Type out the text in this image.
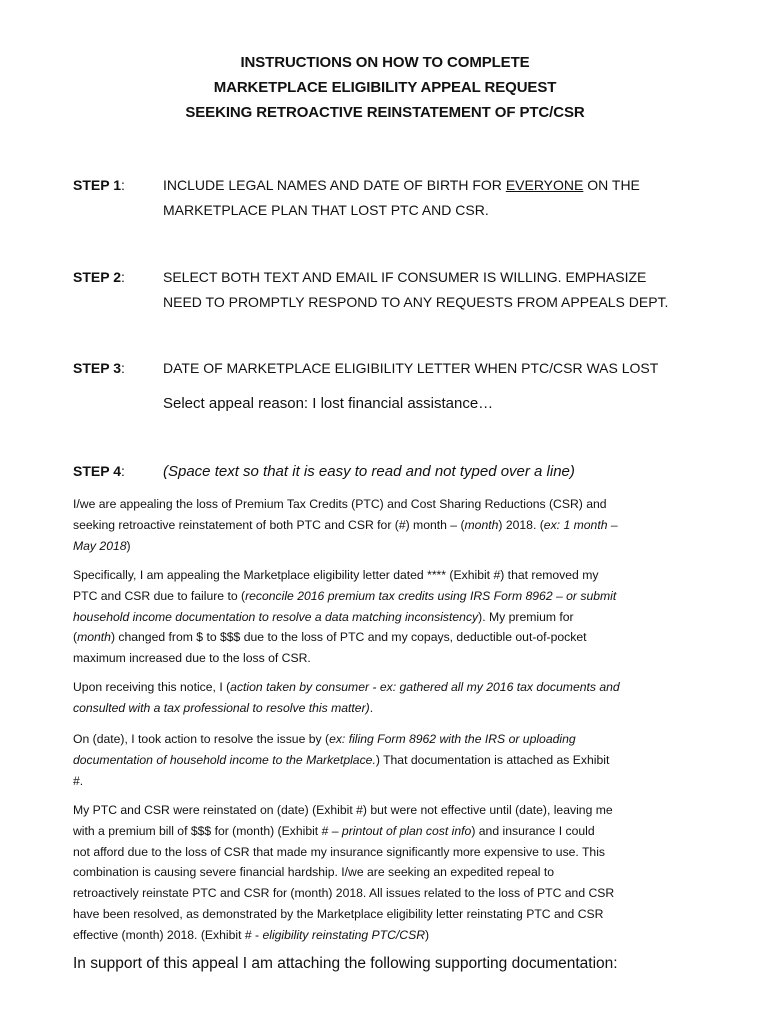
INSTRUCTIONS ON HOW TO COMPLETE
MARKETPLACE ELIGIBILITY APPEAL REQUEST
SEEKING RETROACTIVE REINSTATEMENT OF PTC/CSR
STEP 1:	INCLUDE LEGAL NAMES AND DATE OF BIRTH FOR EVERYONE ON THE
MARKETPLACE PLAN THAT LOST PTC AND CSR.
STEP 2:	SELECT BOTH TEXT AND EMAIL IF CONSUMER IS WILLING. EMPHASIZE
NEED TO PROMPTLY RESPOND TO ANY REQUESTS FROM APPEALS DEPT.
STEP 3:	DATE OF MARKETPLACE ELIGIBILITY LETTER WHEN PTC/CSR WAS LOST
Select appeal reason: I lost financial assistance…
STEP 4:	(Space text so that it is easy to read and not typed over a line)
I/we are appealing the loss of Premium Tax Credits (PTC) and Cost Sharing Reductions (CSR) and
seeking retroactive reinstatement of both PTC and CSR for (#) month – (month) 2018. (ex: 1 month –
May 2018)
Specifically, I am appealing the Marketplace eligibility letter dated **** (Exhibit #) that removed my
PTC and CSR due to failure to (reconcile 2016 premium tax credits using IRS Form 8962 – or submit
household income documentation to resolve a data matching inconsistency). My premium for
(month) changed from $ to $$$ due to the loss of PTC and my copays, deductible out-of-pocket
maximum increased due to the loss of CSR.
Upon receiving this notice, I (action taken by consumer - ex: gathered all my 2016 tax documents and
consulted with a tax professional to resolve this matter).
On (date), I took action to resolve the issue by (ex: filing Form 8962 with the IRS or uploading
documentation of household income to the Marketplace.) That documentation is attached as Exhibit
#.
My PTC and CSR were reinstated on (date) (Exhibit #) but were not effective until (date), leaving me
with a premium bill of $$$ for (month) (Exhibit # – printout of plan cost info) and insurance I could
not afford due to the loss of CSR that made my insurance significantly more expensive to use. This
combination is causing severe financial hardship. I/we are seeking an expedited repeal to
retroactively reinstate PTC and CSR for (month) 2018. All issues related to the loss of PTC and CSR
have been resolved, as demonstrated by the Marketplace eligibility letter reinstating PTC and CSR
effective (month) 2018. (Exhibit # - eligibility reinstating PTC/CSR)
In support of this appeal I am attaching the following supporting documentation:
